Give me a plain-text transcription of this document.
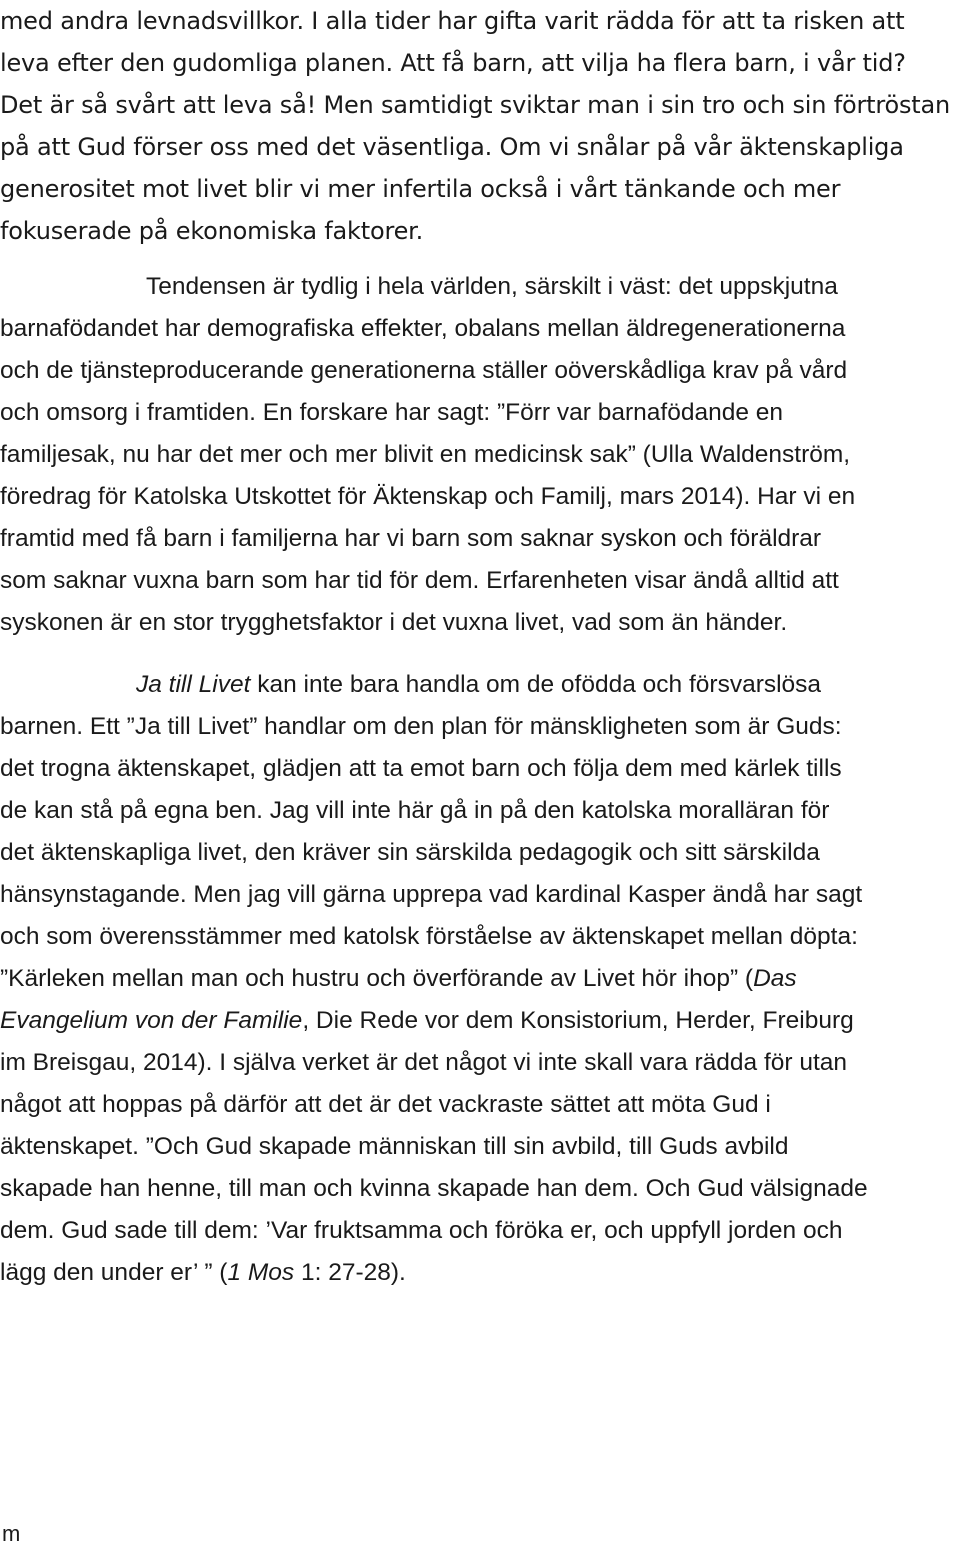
med andra levnadsvillkor. I alla tider har gifta varit rädda för att ta risken att
leva efter den gudomliga planen. Att få barn, att vilja ha flera barn, i vår tid?
Det är så svårt att leva så! Men samtidigt sviktar man i sin tro och sin förtröstan
på att Gud förser oss med det väsentliga. Om vi snålar på vår äktenskapliga
generositet mot livet blir vi mer infertila också i vårt tänkande och mer
fokuserade på ekonomiska faktorer.
Tendensen är tydlig i hela världen, särskilt i väst: det uppskjutna
barnafödandet har demografiska effekter, obalans mellan äldregenerationerna
och de tjänsteproducerande generationerna ställer oöverskådliga krav på vård
och omsorg i framtiden. En forskare har sagt: ”Förr var barnafödande en
familjesak, nu har det mer och mer blivit en medicinsk sak” (Ulla Waldenström,
föredrag för Katolska Utskottet för Äktenskap och Familj, mars 2014). Har vi en
framtid med få barn i familjerna har vi barn som saknar syskon och föräldrar
som saknar vuxna barn som har tid för dem. Erfarenheten visar ändå alltid att
syskonen är en stor trygghetsfaktor i det vuxna livet, vad som än händer.
Ja till Livet kan inte bara handla om de ofödda och försvarslösa
barnen. Ett ”Ja till Livet” handlar om den plan för mänskligheten som är Guds:
det trogna äktenskapet, glädjen att ta emot barn och följa dem med kärlek tills
de kan stå på egna ben. Jag vill inte här gå in på den katolska moralläran för
det äktenskapliga livet, den kräver sin särskilda pedagogik och sitt särskilda
hänsynstagande. Men jag vill gärna upprepa vad kardinal Kasper ändå har sagt
och som överensstämmer med katolsk förståelse av äktenskapet mellan döpta:
”Kärleken mellan man och hustru och överförande av Livet hör ihop” (Das
Evangelium von der Familie, Die Rede vor dem Konsistorium, Herder, Freiburg
im Breisgau, 2014). I själva verket är det något vi inte skall vara rädda för utan
något att hoppas på därför att det är det vackraste sättet att möta Gud i
äktenskapet. ”Och Gud skapade människan till sin avbild, till Guds avbild
skapade han henne, till man och kvinna skapade han dem. Och Gud välsignade
dem. Gud sade till dem: ’Var fruktsamma och föröka er, och uppfyll jorden och
lägg den under er’ ” (1 Mos 1: 27-28).
m
